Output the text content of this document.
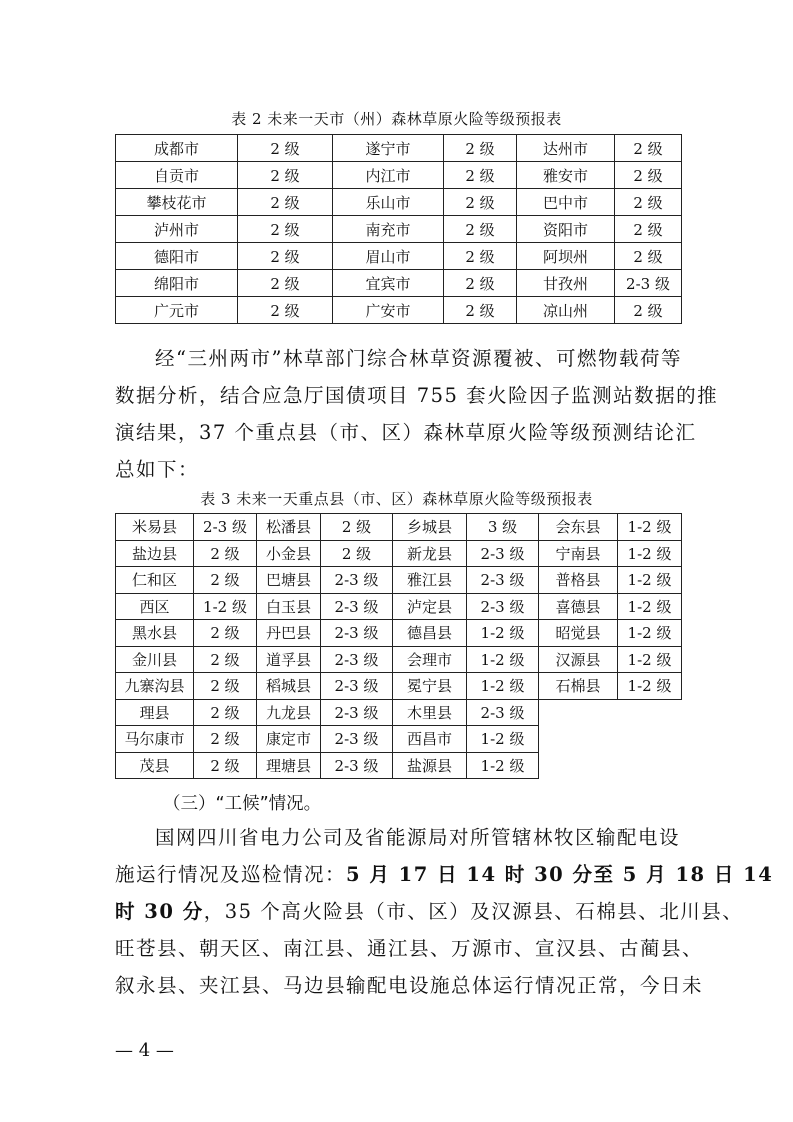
表 2 未来一天市（州）森林草原火险等级预报表
成都市	2 级	遂宁市	2 级	达州市	2 级
自贡市	2 级	内江市	2 级	雅安市	2 级
攀枝花市	2 级	乐山市	2 级	巴中市	2 级
泸州市	2 级	南充市	2 级	资阳市	2 级
德阳市	2 级	眉山市	2 级	阿坝州	2 级
绵阳市	2 级	宜宾市	2 级	甘孜州	2-3 级
广元市	2 级	广安市	2 级	凉山州	2 级
经“三州两市”林草部门综合林草资源覆被、可燃物载荷等
数据分析，结合应急厅国债项目 755 套火险因子监测站数据的推
演结果，37 个重点县（市、区）森林草原火险等级预测结论汇
总如下：
表 3 未来一天重点县（市、区）森林草原火险等级预报表
米易县	2-3 级	松潘县	2 级	乡城县	3 级	会东县	1-2 级
盐边县	2 级	小金县	2 级	新龙县	2-3 级	宁南县	1-2 级
仁和区	2 级	巴塘县	2-3 级	雅江县	2-3 级	普格县	1-2 级
西区	1-2 级	白玉县	2-3 级	泸定县	2-3 级	喜德县	1-2 级
黑水县	2 级	丹巴县	2-3 级	德昌县	1-2 级	昭觉县	1-2 级
金川县	2 级	道孚县	2-3 级	会理市	1-2 级	汉源县	1-2 级
九寨沟县	2 级	稻城县	2-3 级	冕宁县	1-2 级	石棉县	1-2 级
理县	2 级	九龙县	2-3 级	木里县	2-3 级		
马尔康市	2 级	康定市	2-3 级	西昌市	1-2 级		
茂县	2 级	理塘县	2-3 级	盐源县	1-2 级		
（三）“工候”情况。
国网四川省电力公司及省能源局对所管辖林牧区输配电设
施运行情况及巡检情况：5 月 17 日 14 时 30 分至 5 月 18 日 14
时 30 分，35 个高火险县（市、区）及汉源县、石棉县、北川县、
旺苍县、朝天区、南江县、通江县、万源市、宣汉县、古蔺县、
叙永县、夹江县、马边县输配电设施总体运行情况正常，今日未
— 4 —
